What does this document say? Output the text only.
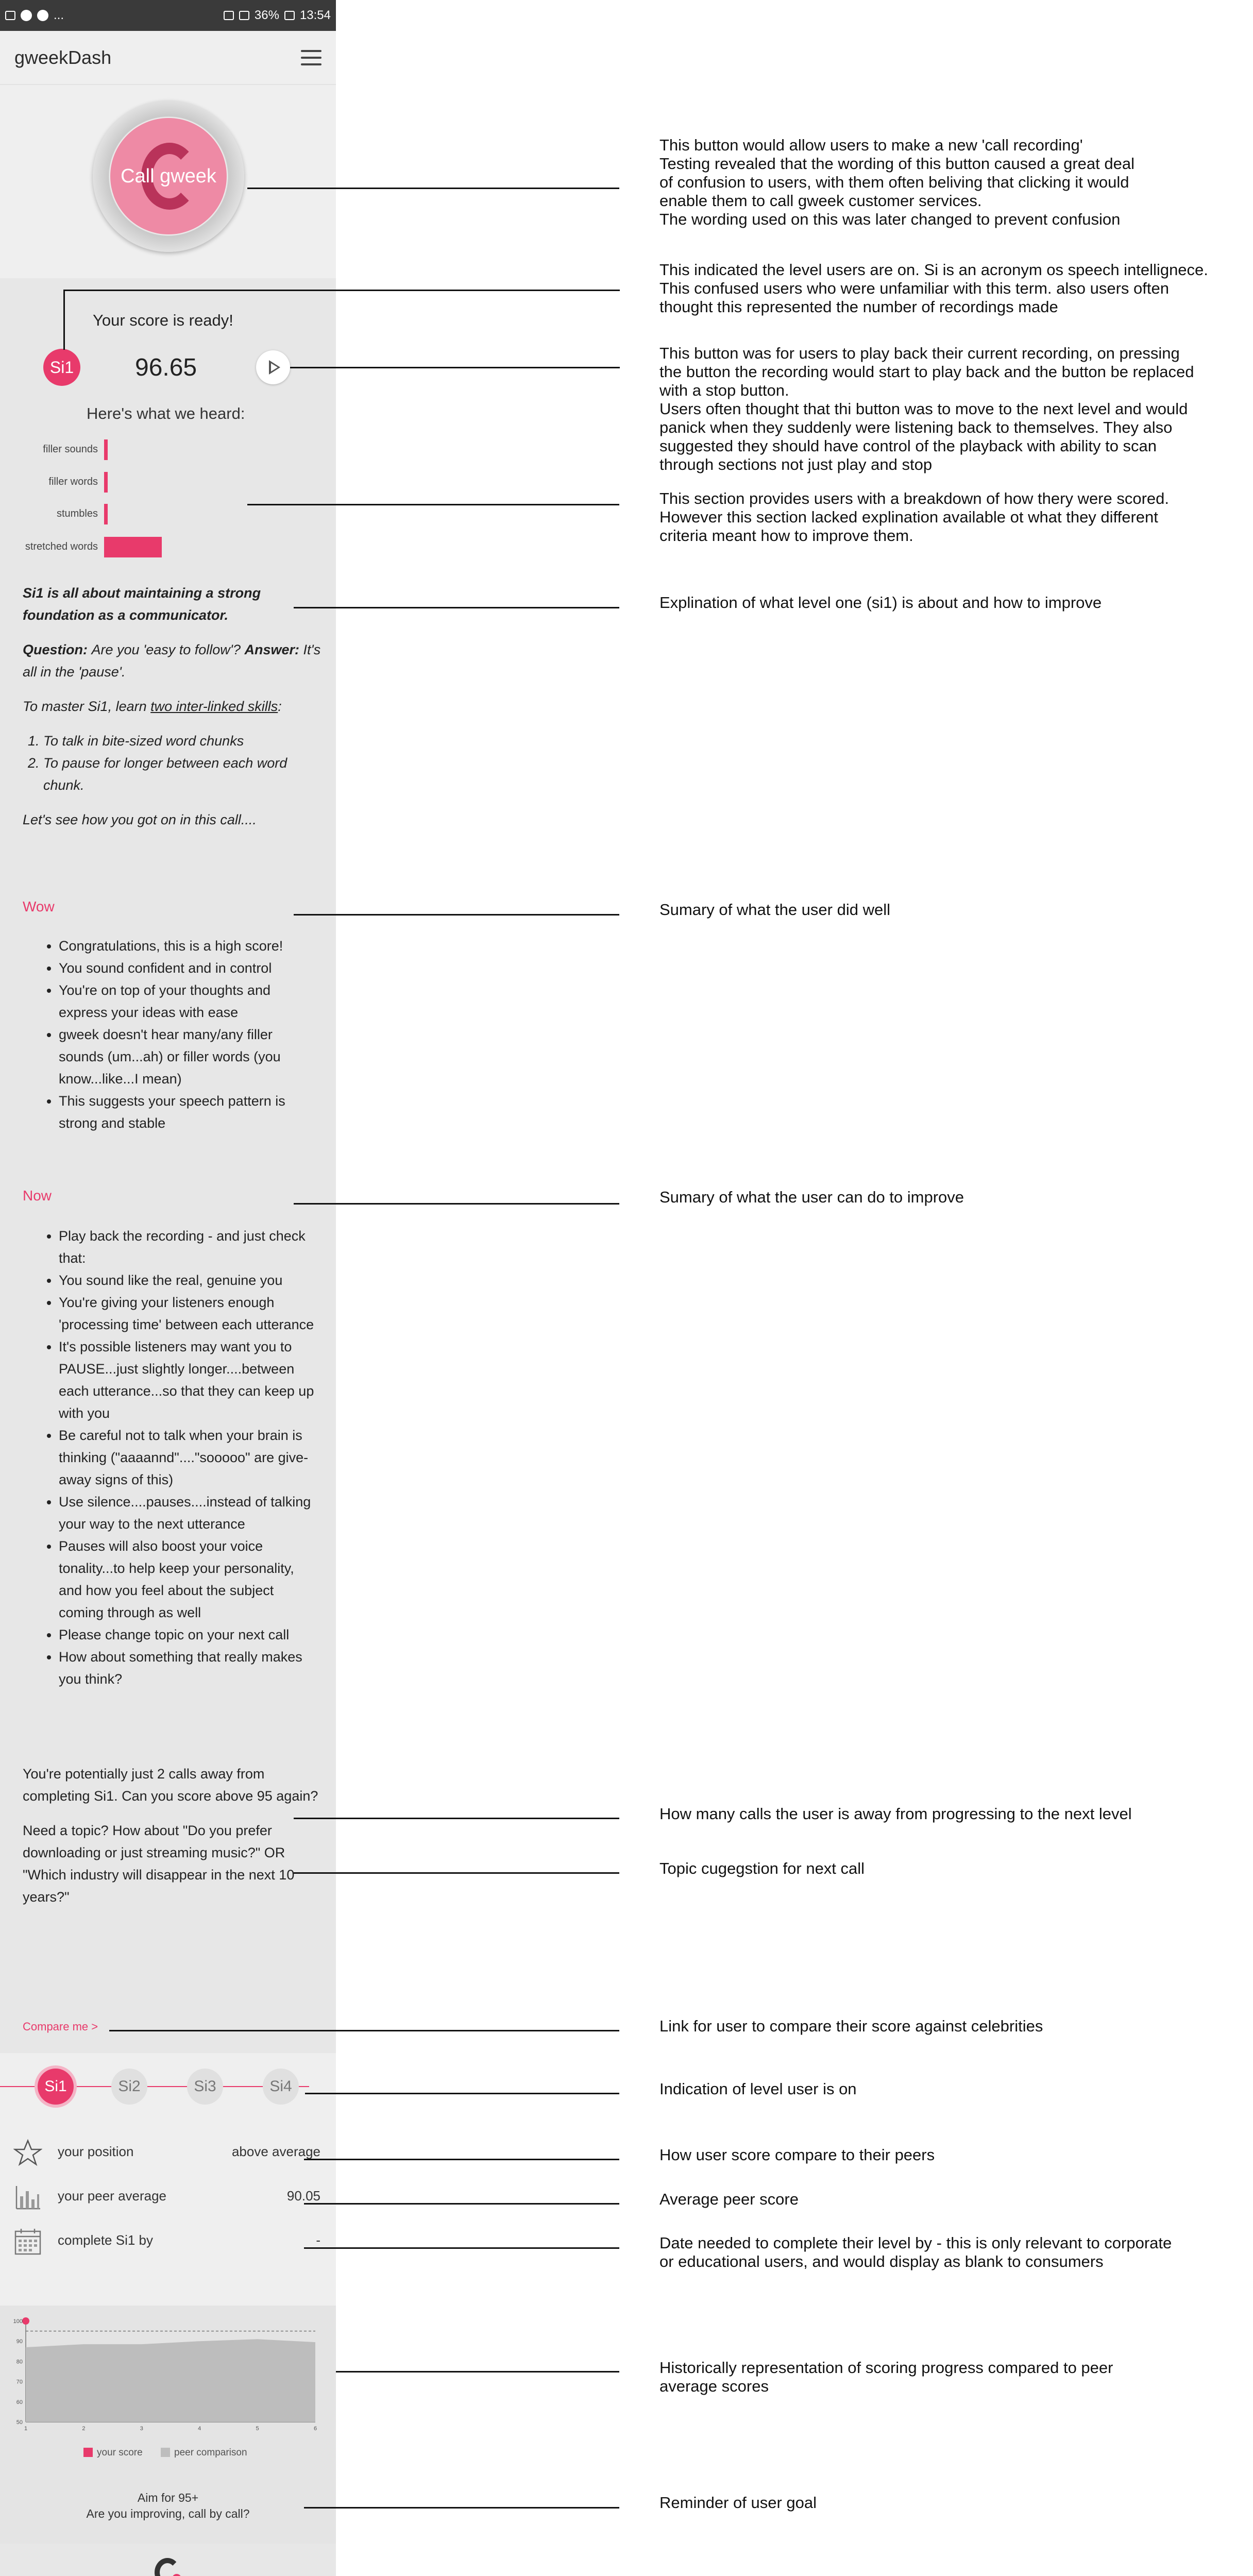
...	36% 13:54
gweekDash
Call gweek
Your score is ready!
Si1 96.65
Here's what we heard:
filler sounds
filler words
stumbles
stretched words

Si1 is all about maintaining a strong foundation as a communicator.

Question: Are you 'easy to follow'? Answer: It's all in the 'pause'.

To master Si1, learn two inter-linked skills:

1. To talk in bite-sized word chunks
2. To pause for longer between each word chunk.

Let's see how you got on in this call....

Wow
• Congratulations, this is a high score!
• You sound confident and in control
• You're on top of your thoughts and express your ideas with ease
• gweek doesn't hear many/any filler sounds (um...ah) or filler words (you know...like...I mean)
• This suggests your speech pattern is strong and stable
Now
• Play back the recording - and just check that:
• You sound like the real, genuine you
• You're giving your listeners enough 'processing time' between each utterance
• It's possible listeners may want you to PAUSE...just slightly longer....between each utterance...so that they can keep up with you
• Be careful not to talk when your brain is thinking ("aaaannd"...."sooooo" are give-away signs of this)
• Use silence....pauses....instead of talking your way to the next utterance
• Pauses will also boost your voice tonality...to help keep your personality, and how you feel about the subject coming through as well
• Please change topic on your next call
• How about something that really makes you think?

You're potentially just 2 calls away from completing Si1. Can you score above 95 again?

Need a topic? How about "Do you prefer downloading or just streaming music?" OR "Which industry will disappear in the next 10 years?"

Compare me >
Si1	Si2	Si3	Si4
your position	above average
your peer average	90.05
complete Si1 by	-
50
60
70
80
90
100
1	2	3	4	5	6
your score	peer comparison
Aim for 95+
Are you improving, call by call?
This button would allow users to make a new 'call recording'
Testing revealed that the wording of this button caused a great deal
of confusion to users, with them often beliving that clicking it would
enable them to call gweek customer services.
The wording used on this was later changed to prevent confusion
This indicated the level users are on. Si is an acronym os speech intellignece.
This confused users who were unfamiliar with this term. also users often
thought this represented the number of recordings made
This button was for users to play back their current recording, on pressing
the button the recording would start to play back and the button be replaced
with a stop button.
Users often thought that thi button was to move to the next level and would
panick when they suddenly were listening back to themselves. They also
suggested they should have control of the playback with ability to scan
through sections not just play and stop
This section provides users with a breakdown of how thery were scored.
However this section lacked explination available ot what they different
criteria meant how to improve them.
Explination of what level one (si1) is about and how to improve
Sumary of what the user did well
Sumary of what the user can do to improve
How many calls the user is away from progressing to the next level
Topic cugegstion for next call
Link for user to compare their score against celebrities
Indication of level user is on
How user score compare to their peers
Average peer score
Date needed to complete their level by - this is only relevant to corporate
or educational users, and would display as blank to consumers
Historically representation of scoring progress compared to peer
average scores
Reminder of user goal
